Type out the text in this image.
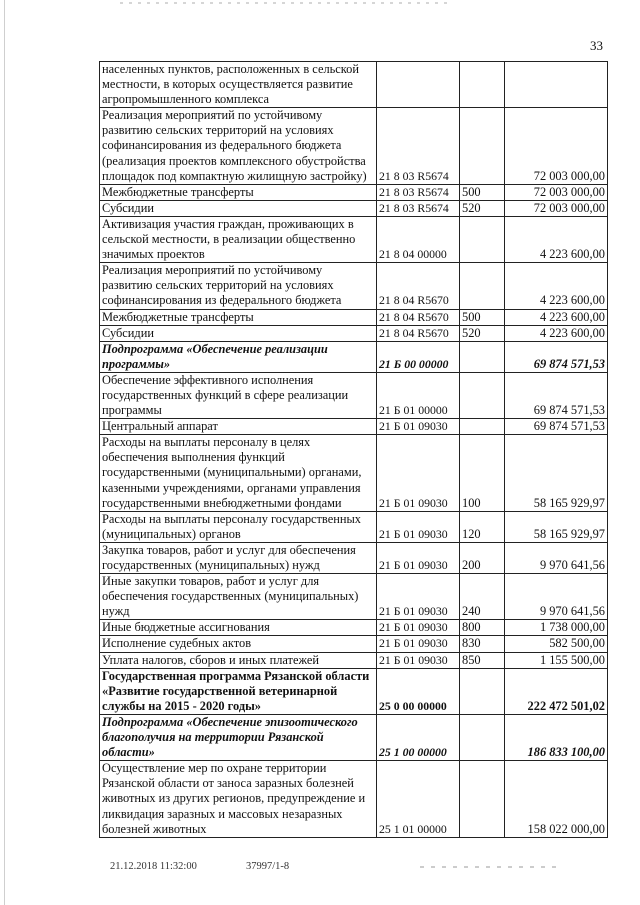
33
населенных пунктов, расположенных в сельской местности, в которых осуществляется развитие агропромышленного комплекса			
Реализация мероприятий по устойчивому развитию сельских территорий на условиях софинансирования из федерального бюджета (реализация проектов комплексного обустройства площадок под компактную жилищную застройку)	21 8 03 R5674		72 003 000,00
Межбюджетные трансферты	21 8 03 R5674	500	72 003 000,00
Субсидии	21 8 03 R5674	520	72 003 000,00
Активизация участия граждан, проживающих в сельской местности, в реализации общественно значимых проектов	21 8 04 00000		4 223 600,00
Реализация мероприятий по устойчивому развитию сельских территорий на условиях софинансирования из федерального бюджета	21 8 04 R5670		4 223 600,00
Межбюджетные трансферты	21 8 04 R5670	500	4 223 600,00
Субсидии	21 8 04 R5670	520	4 223 600,00
Подпрограмма «Обеспечение реализации программы»	21 Б 00 00000		69 874 571,53
Обеспечение эффективного исполнения государственных функций в сфере реализации программы	21 Б 01 00000		69 874 571,53
Центральный аппарат	21 Б 01 09030		69 874 571,53
Расходы на выплаты персоналу в целях обеспечения выполнения функций государственными (муниципальными) органами, казенными учреждениями, органами управления государственными внебюджетными фондами	21 Б 01 09030	100	58 165 929,97
Расходы на выплаты персоналу государственных (муниципальных) органов	21 Б 01 09030	120	58 165 929,97
Закупка товаров, работ и услуг для обеспечения государственных (муниципальных) нужд	21 Б 01 09030	200	9 970 641,56
Иные закупки товаров, работ и услуг для обеспечения государственных (муниципальных) нужд	21 Б 01 09030	240	9 970 641,56
Иные бюджетные ассигнования	21 Б 01 09030	800	1 738 000,00
Исполнение судебных актов	21 Б 01 09030	830	582 500,00
Уплата налогов, сборов и иных платежей	21 Б 01 09030	850	1 155 500,00
Государственная программа Рязанской области «Развитие государственной ветеринарной службы на 2015 - 2020 годы»	25 0 00 00000		222 472 501,02
Подпрограмма «Обеспечение эпизоотического благополучия на территории Рязанской области»	25 1 00 00000		186 833 100,00
Осуществление мер по охране территории Рязанской области от заноса заразных болезней животных из других регионов, предупреждение и ликвидация заразных и массовых незаразных болезней животных	25 1 01 00000		158 022 000,00
21.12.2018 11:32:00	37997/1-8
